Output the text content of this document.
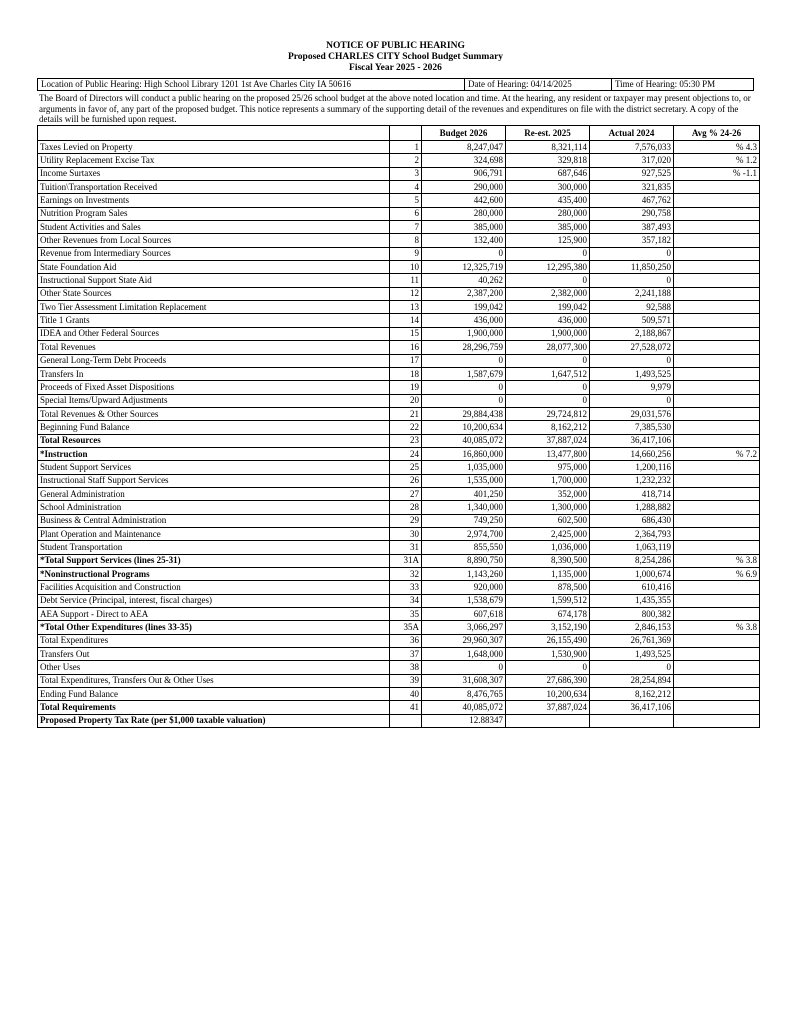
NOTICE OF PUBLIC HEARING
Proposed CHARLES CITY School Budget Summary
Fiscal Year 2025 - 2026
Location of Public Hearing: High School Library 1201 1st Ave Charles City IA 50616	Date of Hearing: 04/14/2025	Time of Hearing: 05:30 PM
The Board of Directors will conduct a public hearing on the proposed 25/26 school budget at the above noted location and time. At the hearing, any resident or taxpayer may present objections to, or arguments in favor of, any part of the proposed budget. This notice represents a summary of the supporting detail of the revenues and expenditures on file with the district secretary. A copy of the details will be furnished upon request.
		Budget 2026	Re-est. 2025	Actual 2024	Avg % 24-26
Taxes Levied on Property	1	8,247,047	8,321,114	7,576,033	% 4.3
Utility Replacement Excise Tax	2	324,698	329,818	317,020	% 1.2
Income Surtaxes	3	906,791	687,646	927,525	% -1.1
Tuition\Transportation Received	4	290,000	300,000	321,835	
Earnings on Investments	5	442,600	435,400	467,762	
Nutrition Program Sales	6	280,000	280,000	290,758	
Student Activities and Sales	7	385,000	385,000	387,493	
Other Revenues from Local Sources	8	132,400	125,900	357,182	
Revenue from Intermediary Sources	9	0	0	0	
State Foundation Aid	10	12,325,719	12,295,380	11,850,250	
Instructional Support State Aid	11	40,262	0	0	
Other State Sources	12	2,387,200	2,382,000	2,241,188	
Two Tier Assessment Limitation Replacement	13	199,042	199,042	92,588	
Title 1 Grants	14	436,000	436,000	509,571	
IDEA and Other Federal Sources	15	1,900,000	1,900,000	2,188,867	
Total Revenues	16	28,296,759	28,077,300	27,528,072	
General Long-Term Debt Proceeds	17	0	0	0	
Transfers In	18	1,587,679	1,647,512	1,493,525	
Proceeds of Fixed Asset Dispositions	19	0	0	9,979	
Special Items/Upward Adjustments	20	0	0	0	
Total Revenues & Other Sources	21	29,884,438	29,724,812	29,031,576	
Beginning Fund Balance	22	10,200,634	8,162,212	7,385,530	
Total Resources	23	40,085,072	37,887,024	36,417,106	
*Instruction	24	16,860,000	13,477,800	14,660,256	% 7.2
Student Support Services	25	1,035,000	975,000	1,200,116	
Instructional Staff Support Services	26	1,535,000	1,700,000	1,232,232	
General Administration	27	401,250	352,000	418,714	
School Administration	28	1,340,000	1,300,000	1,288,882	
Business & Central Administration	29	749,250	602,500	686,430	
Plant Operation and Maintenance	30	2,974,700	2,425,000	2,364,793	
Student Transportation	31	855,550	1,036,000	1,063,119	
*Total Support Services (lines 25-31)	31A	8,890,750	8,390,500	8,254,286	% 3.8
*Noninstructional Programs	32	1,143,260	1,135,000	1,000,674	% 6.9
Facilities Acquisition and Construction	33	920,000	878,500	610,416	
Debt Service (Principal, interest, fiscal charges)	34	1,538,679	1,599,512	1,435,355	
AEA Support - Direct to AEA	35	607,618	674,178	800,382	
*Total Other Expenditures (lines 33-35)	35A	3,066,297	3,152,190	2,846,153	% 3.8
Total Expenditures	36	29,960,307	26,155,490	26,761,369	
Transfers Out	37	1,648,000	1,530,900	1,493,525	
Other Uses	38	0	0	0	
Total Expenditures, Transfers Out & Other Uses	39	31,608,307	27,686,390	28,254,894	
Ending Fund Balance	40	8,476,765	10,200,634	8,162,212	
Total Requirements	41	40,085,072	37,887,024	36,417,106	
Proposed Property Tax Rate (per $1,000 taxable valuation)		12.88347			
